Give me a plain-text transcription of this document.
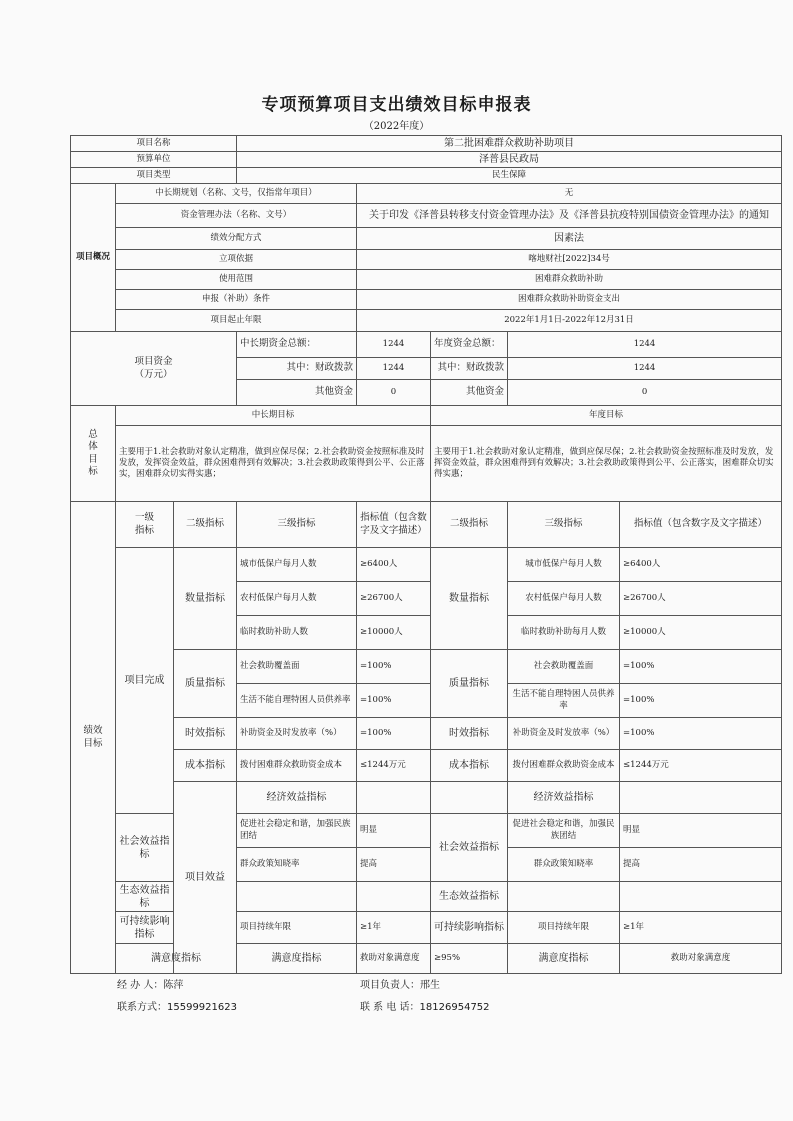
专项预算项目支出绩效目标申报表
（2022年度）
项目名称			第二批困难群众救助补助项目					
预算单位			泽普县民政局					
项目类型			民生保障					
项目概况	中长期规划（名称、文号，仅指常年项目）			无				
	资金管理办法（名称、文号）			关于印发《泽普县转移支付资金管理办法》及《泽普县抗疫特别国债资金管理办法》的通知				
	绩效分配方式			因素法				
	立项依据			喀地财社[2022]34号				
	使用范围			困难群众救助补助				
	申报（补助）条件			困难群众救助补助资金支出				
	项目起止年限			2022年1月1日-2022年12月31日				
项目资金
（万元）			中长期资金总额：	1244	年度资金总额：	1244		
			其中：财政拨款	1244	其中：财政拨款	1244		
			其他资金	0	其他资金	0		
总
体
目
标	中长期目标				年度目标			
	主要用于1.社会救助对象认定精准，做到应保尽保；2.社会救助资金按照标准及时发放，发挥资金效益，群众困难得到有效解决；3.社会救助政策得到公平、公正落实，困难群众切实得实惠；				主要用于1.社会救助对象认定精准，做到应保尽保；2.社会救助资金按照标准及时发放，发挥资金效益，群众困难得到有效解决；3.社会救助政策得到公平、公正落实，困难群众切实得实惠；			
绩效
目标	一级
指标	二级指标	三级指标	指标值（包含数字及文字描述）	二级指标	三级指标	指标值（包含数字及文字描述）	
	项目完成	数量指标	城市低保户每月人数	≥6400人	数量指标	城市低保户每月人数	≥6400人	
			农村低保户每月人数	≥26700人		农村低保户每月人数	≥26700人	
			临时救助补助人数	≥10000人		临时救助补助每月人数	≥10000人	
		质量指标	社会救助覆盖面	=100%	质量指标	社会救助覆盖面	=100%	
			生活不能自理特困人员供养率	=100%		生活不能自理特困人员供养率	=100%	
		时效指标	补助资金及时发放率（%）	=100%	时效指标	补助资金及时发放率（%）	=100%	
		成本指标	拨付困难群众救助资金成本	≤1244万元	成本指标	拨付困难群众救助资金成本	≤1244万元	
		项目效益	经济效益指标			经济效益指标		
	社会效益指标		促进社会稳定和谐，加强民族团结	明显	社会效益指标	促进社会稳定和谐，加强民族团结	明显	
			群众政策知晓率	提高		群众政策知晓率	提高	
	生态效益指标				生态效益指标			
	可持续影响指标		项目持续年限	≥1年	可持续影响指标	项目持续年限	≥1年	
	满意度指标		满意度指标	救助对象满意度	≥95%	满意度指标	救助对象满意度	
经 办 人：陈萍	项目负责人：邢生
联系方式：15599921623	联 系 电 话：18126954752
